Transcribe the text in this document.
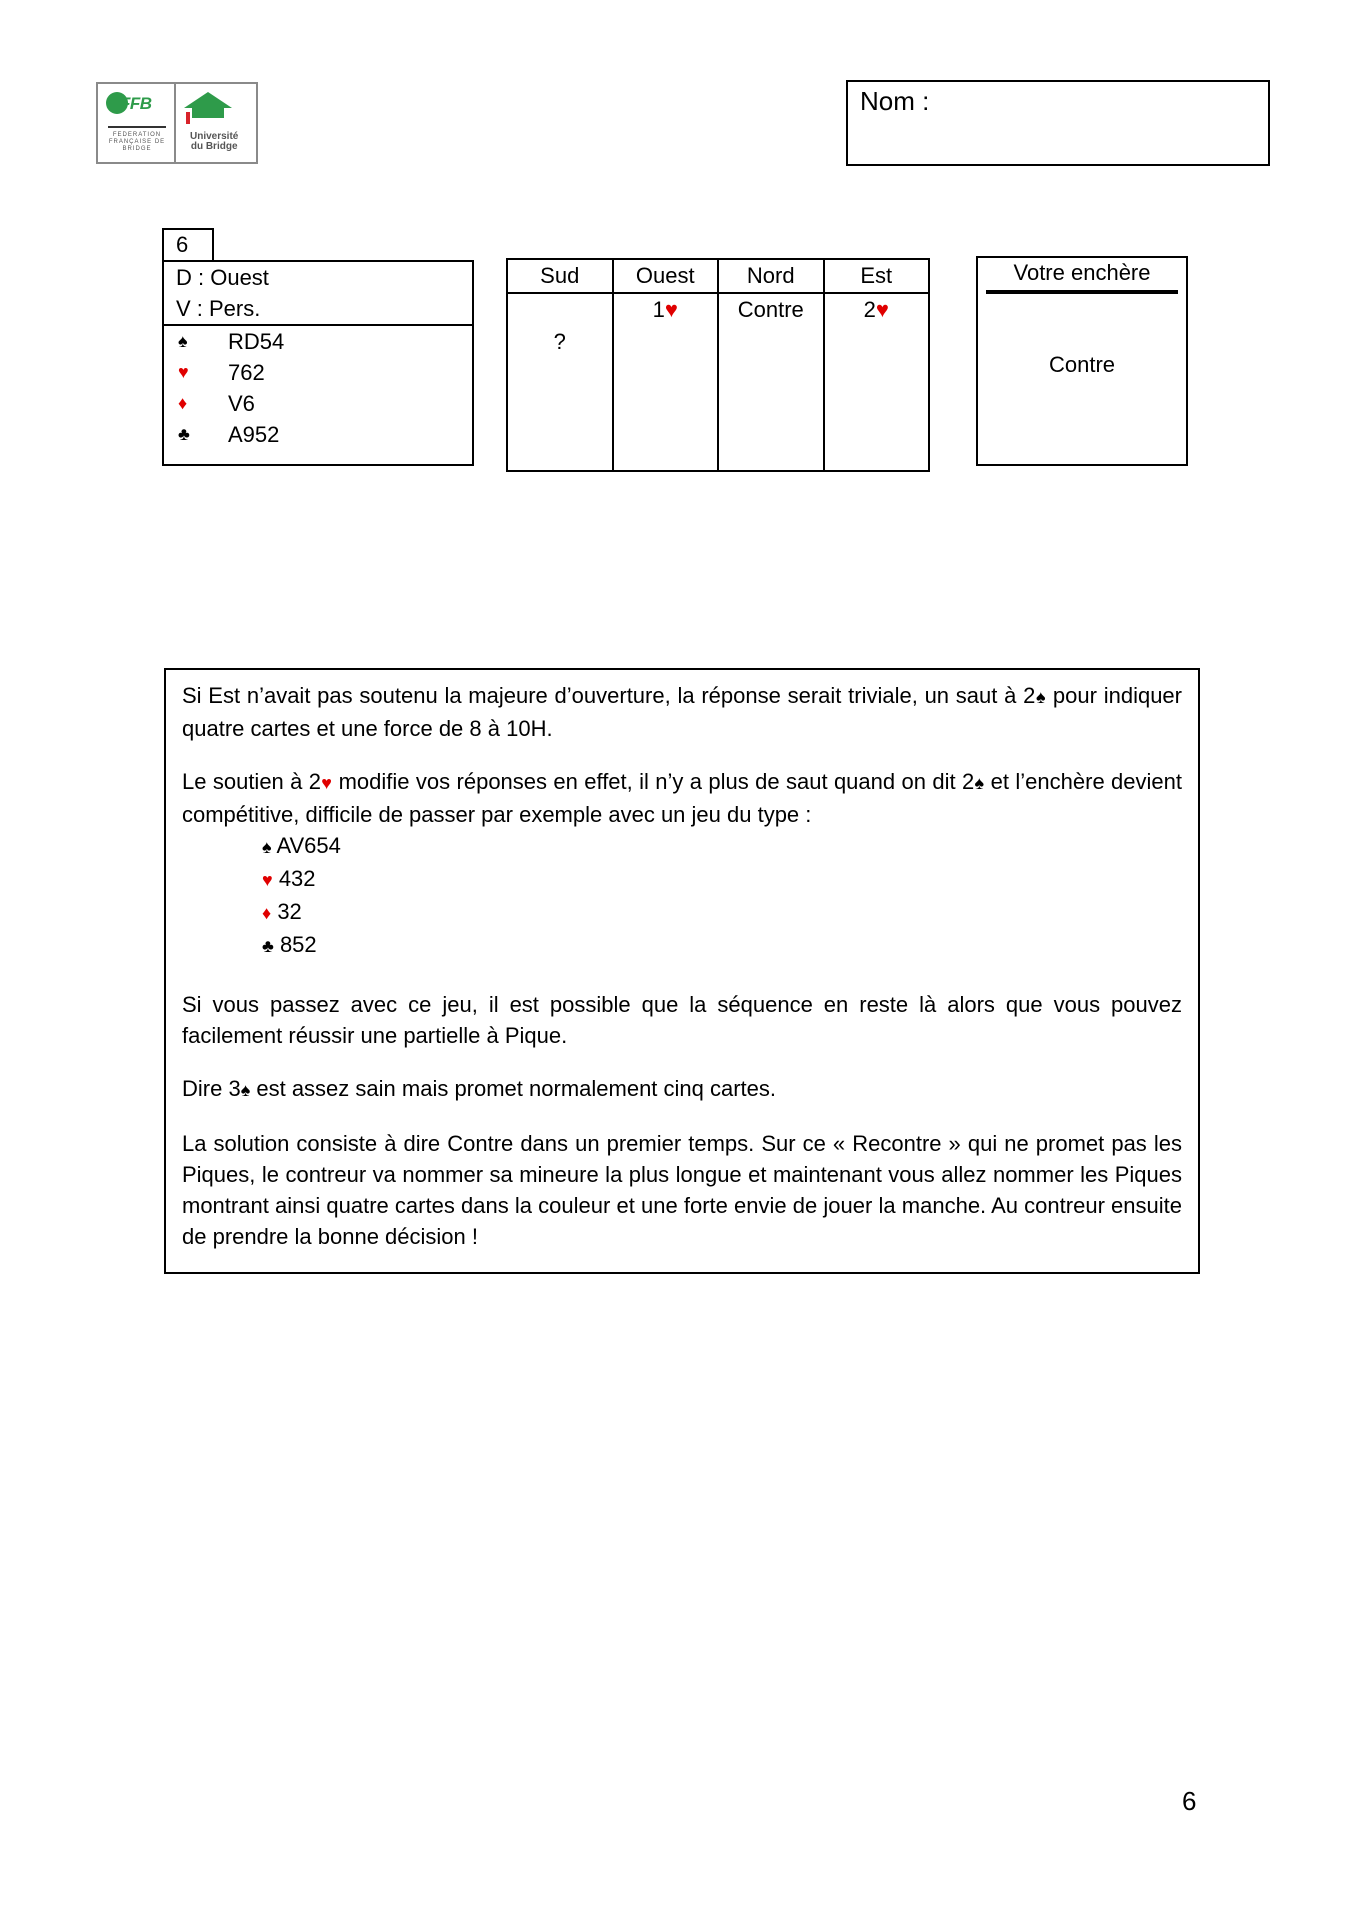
FFB
FEDERATION FRANÇAISE DE BRIDGE
Université
du Bridge
Nom :
6
D : Ouest
V : Pers.
♠ RD54
♥ 762
♦ V6
♣ A952
Sud
?
Ouest
1♥
Nord
Contre
Est
2♥
Votre enchère
Contre

Si Est n’avait pas soutenu la majeure d’ouverture, la réponse serait triviale, un saut à 2♠ pour indiquer quatre cartes et une force de 8 à 10H.

Le soutien à 2♥ modifie vos réponses en effet, il n’y a plus de saut quand on dit 2♠ et l’enchère devient compétitive, difficile de passer par exemple avec un jeu du type :

♠ AV654
♥ 432
♦ 32
♣ 852

Si vous passez avec ce jeu, il est possible que la séquence en reste là alors que vous pouvez facilement réussir une partielle à Pique.

Dire 3♠ est assez sain mais promet normalement cinq cartes.

La solution consiste à dire Contre dans un premier temps. Sur ce « Recontre » qui ne promet pas les Piques, le contreur va nommer sa mineure la plus longue et maintenant vous allez nommer les Piques montrant ainsi quatre cartes dans la couleur et une forte envie de jouer la manche. Au contreur ensuite de prendre la bonne décision !

6
